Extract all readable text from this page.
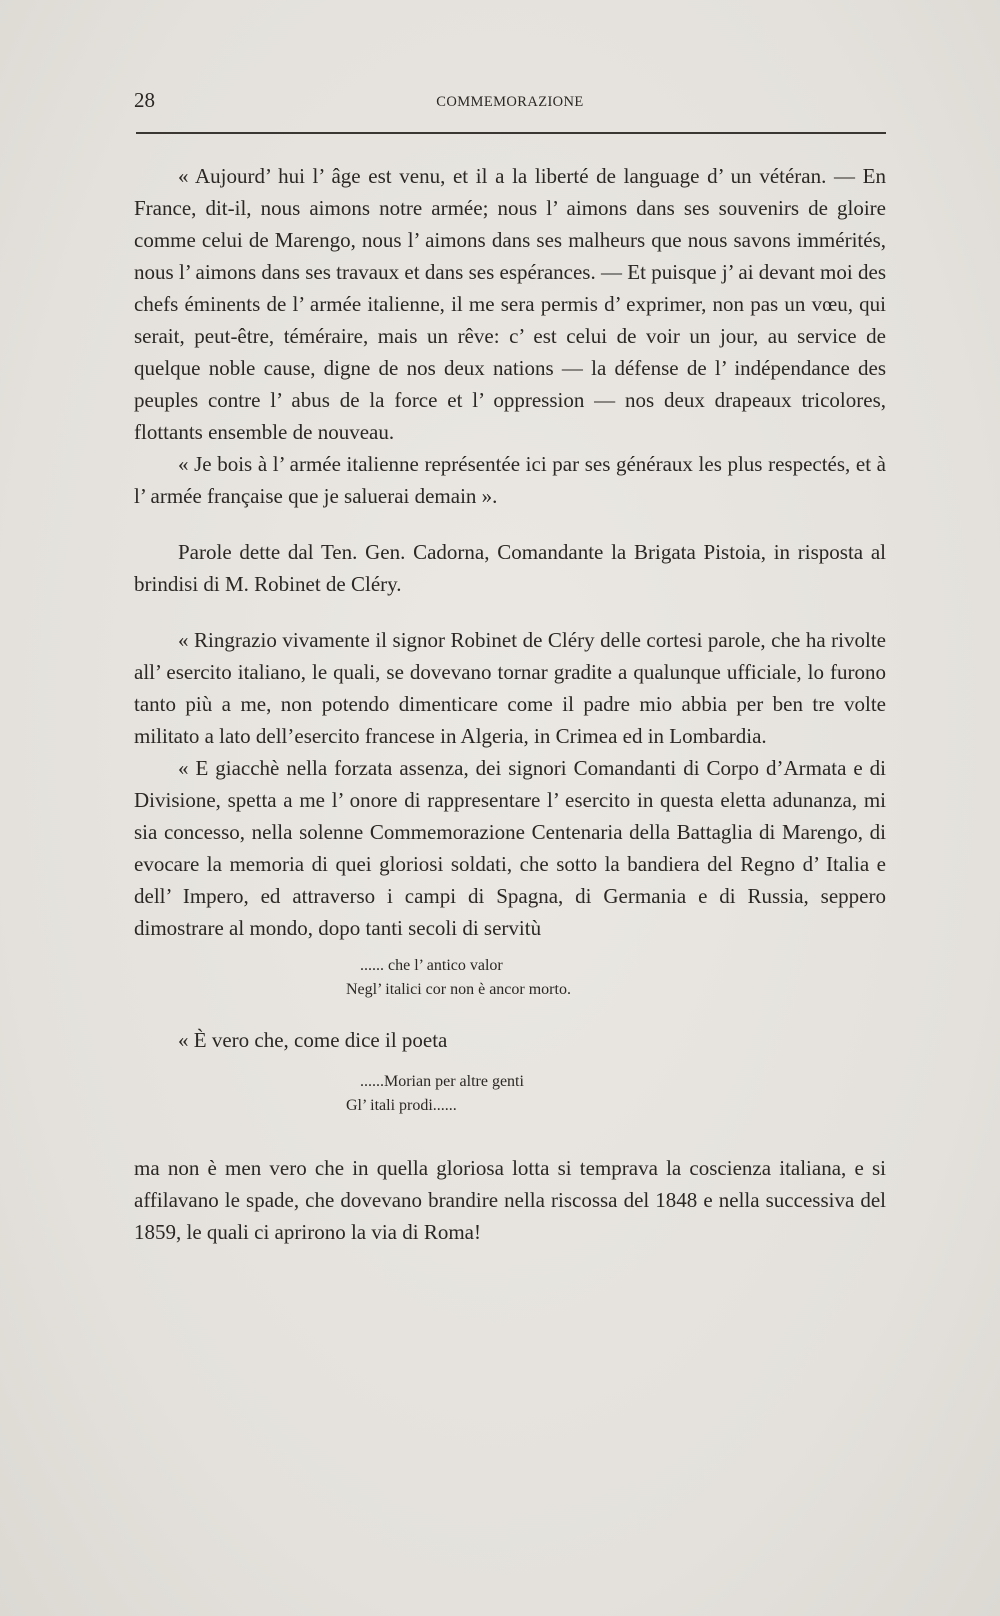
28	COMMEMORAZIONE

« Aujourd’ hui l’ âge est venu, et il a la liberté de language d’ un vétéran. — En France, dit-il, nous aimons notre armée; nous l’ aimons dans ses souvenirs de gloire comme celui de Marengo, nous l’ aimons dans ses malheurs que nous savons immérités, nous l’ aimons dans ses travaux et dans ses espérances. — Et puisque j’ ai devant moi des chefs éminents de l’ armée italienne, il me sera permis d’ exprimer, non pas un vœu, qui serait, peut-être, téméraire, mais un rêve: c’ est celui de voir un jour, au service de quelque noble cause, digne de nos deux nations — la défense de l’ indépendance des peuples contre l’ abus de la force et l’ oppression — nos deux drapeaux tricolores, flottants ensemble de nouveau.

« Je bois à l’ armée italienne représentée ici par ses généraux les plus respectés, et à l’ armée française que je saluerai demain ».

Parole dette dal Ten. Gen. Cadorna, Comandante la Brigata Pistoia, in risposta al brindisi di M. Robinet de Cléry.

« Ringrazio vivamente il signor Robinet de Cléry delle cortesi parole, che ha rivolte all’ esercito italiano, le quali, se dovevano tornar gradite a qualunque ufficiale, lo furono tanto più a me, non potendo dimenticare come il padre mio abbia per ben tre volte militato a lato dell’esercito francese in Algeria, in Crimea ed in Lombardia.

« E giacchè nella forzata assenza, dei signori Comandanti di Corpo d’Armata e di Divisione, spetta a me l’ onore di rappresentare l’ esercito in questa eletta adunanza, mi sia concesso, nella solenne Commemorazione Centenaria della Battaglia di Marengo, di evocare la memoria di quei gloriosi soldati, che sotto la bandiera del Regno d’ Italia e dell’ Impero, ed attraverso i campi di Spagna, di Germania e di Russia, seppero dimostrare al mondo, dopo tanti secoli di servitù

...... che l’ antico valor
Negl’ italici cor non è ancor morto.

« È vero che, come dice il poeta

......Morian per altre genti
Gl’ itali prodi......

ma non è men vero che in quella gloriosa lotta si temprava la coscienza italiana, e si affilavano le spade, che dovevano brandire nella riscossa del 1848 e nella successiva del 1859, le quali ci aprirono la via di Roma!
